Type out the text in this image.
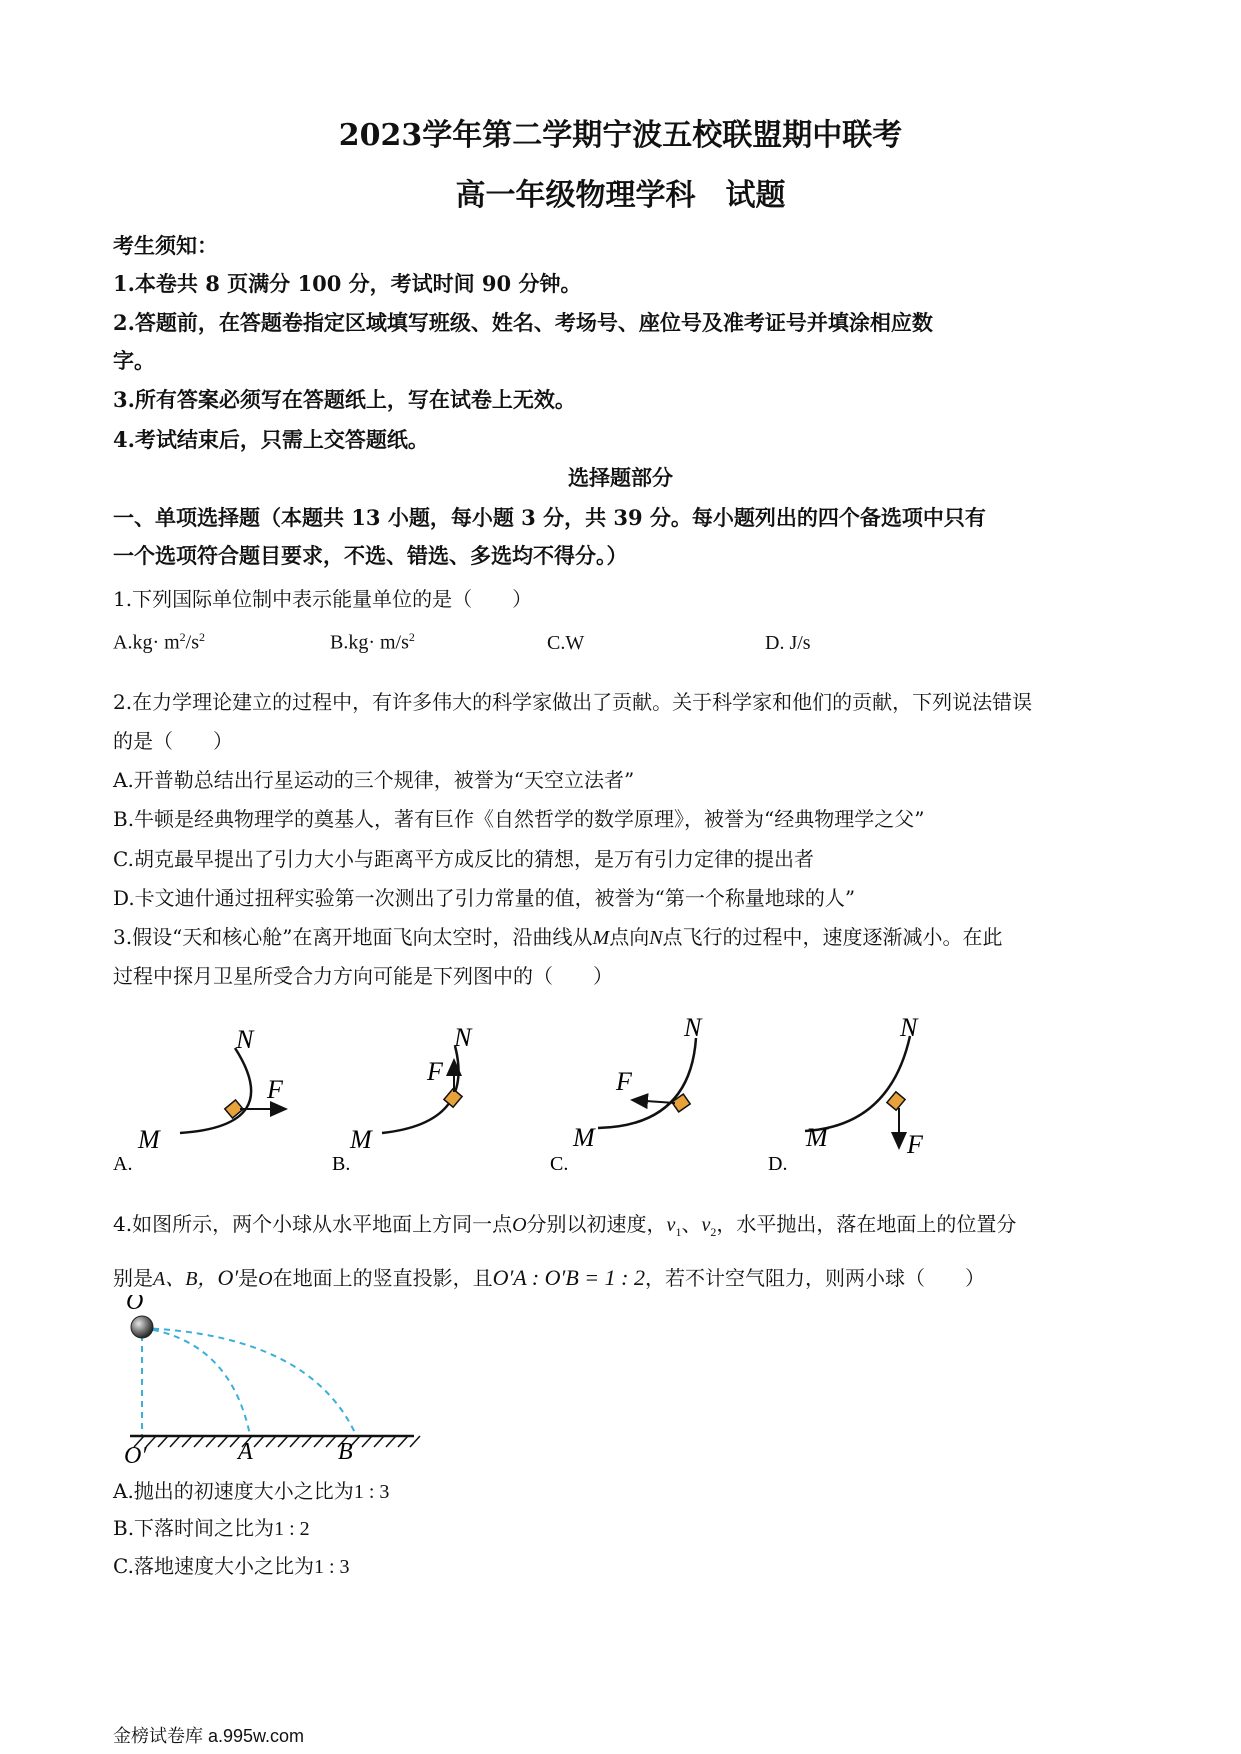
2023学年第二学期宁波五校联盟期中联考
高一年级物理学科　试题
考生须知：
1.本卷共 8 页满分 100 分，考试时间 90 分钟。
2.答题前，在答题卷指定区域填写班级、姓名、考场号、座位号及准考证号并填涂相应数
字。
3.所有答案必须写在答题纸上，写在试卷上无效。
4.考试结束后，只需上交答题纸。
选择题部分
一、单项选择题（本题共 13 小题，每小题 3 分，共 39 分。每小题列出的四个备选项中只有
一个选项符合题目要求，不选、错选、多选均不得分。）
1.下列国际单位制中表示能量单位的是（　　）
$A.kg\cdot m^2/s^2$	$B.kg\cdot m/s^2$	C.W	D. J/s
2.在力学理论建立的过程中，有许多伟大的科学家做出了贡献。关于科学家和他们的贡献，下列说法错误
的是（　　）
A.开普勒总结出行星运动的三个规律，被誉为“天空立法者”
B.牛顿是经典物理学的奠基人，著有巨作《自然哲学的数学原理》，被誉为“经典物理学之父”
C.胡克最早提出了引力大小与距离平方成反比的猜想，是万有引力定律的提出者
D.卡文迪什通过扭秤实验第一次测出了引力常量的值，被誉为“第一个称量地球的人”
3.假设“天和核心舱”在离开地面飞向太空时，沿曲线从M点向N点飞行的过程中，速度逐渐减小。在此
过程中探月卫星所受合力方向可能是下列图中的（　　）
F
N
M
A.
F
N
M
B.
F
N
M
C.
F
N
M
D.
4.如图所示，两个小球从水平地面上方同一点O分别以初速度，$v_1$、$v_2$，水平抛出，落在地面上的位置分
别是A、B，O′是O在地面上的竖直投影，且O′A : O′B = 1 : 2，若不计空气阻力，则两小球（　　）
O
O′	A	B
A.抛出的初速度大小之比为1 : 3
B.下落时间之比为1 : 2
C.落地速度大小之比为1 : 3
金榜试卷库 a.995w.com
